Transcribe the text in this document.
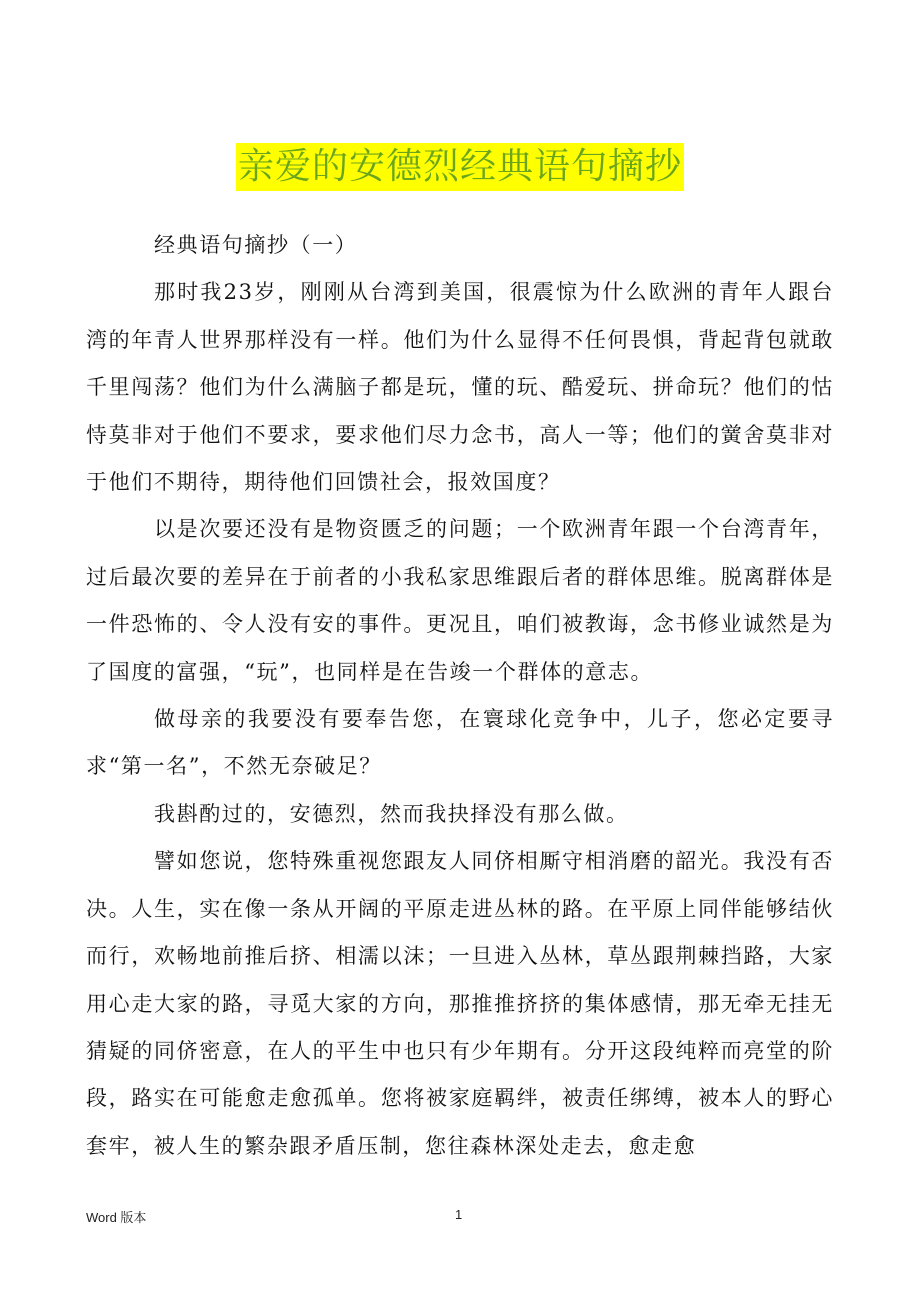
亲爱的安德烈经典语句摘抄

经典语句摘抄（一）

那时我23岁，刚刚从台湾到美国，很震惊为什么欧洲的青年人跟台湾的年青人世界那样没有一样。他们为什么显得不任何畏惧，背起背包就敢千里闯荡？他们为什么满脑子都是玩，懂的玩、酷爱玩、拼命玩？他们的怙恃莫非对于他们不要求，要求他们尽力念书，高人一等；他们的黉舍莫非对于他们不期待，期待他们回馈社会，报效国度？

以是次要还没有是物资匮乏的问题；一个欧洲青年跟一个台湾青年，过后最次要的差异在于前者的小我私家思维跟后者的群体思维。脱离群体是一件恐怖的、令人没有安的事件。更况且，咱们被教诲，念书修业诚然是为了国度的富强，“玩”，也同样是在告竣一个群体的意志。

做母亲的我要没有要奉告您，在寰球化竞争中，儿子，您必定要寻求“第一名”，不然无奈破足？

我斟酌过的，安德烈，然而我抉择没有那么做。

譬如您说，您特殊重视您跟友人同侪相厮守相消磨的韶光。我没有否决。人生，实在像一条从开阔的平原走进丛林的路。在平原上同伴能够结伙而行，欢畅地前推后挤、相濡以沫；一旦进入丛林，草丛跟荆棘挡路，大家用心走大家的路，寻觅大家的方向，那推推挤挤的集体感情，那无牵无挂无猜疑的同侪密意，在人的平生中也只有少年期有。分开这段纯粹而亮堂的阶段，路实在可能愈走愈孤单。您将被家庭羁绊，被责任绑缚，被本人的野心套牢，被人生的繁杂跟矛盾压制，您往森林深处走去，愈走愈

Word 版本	1
